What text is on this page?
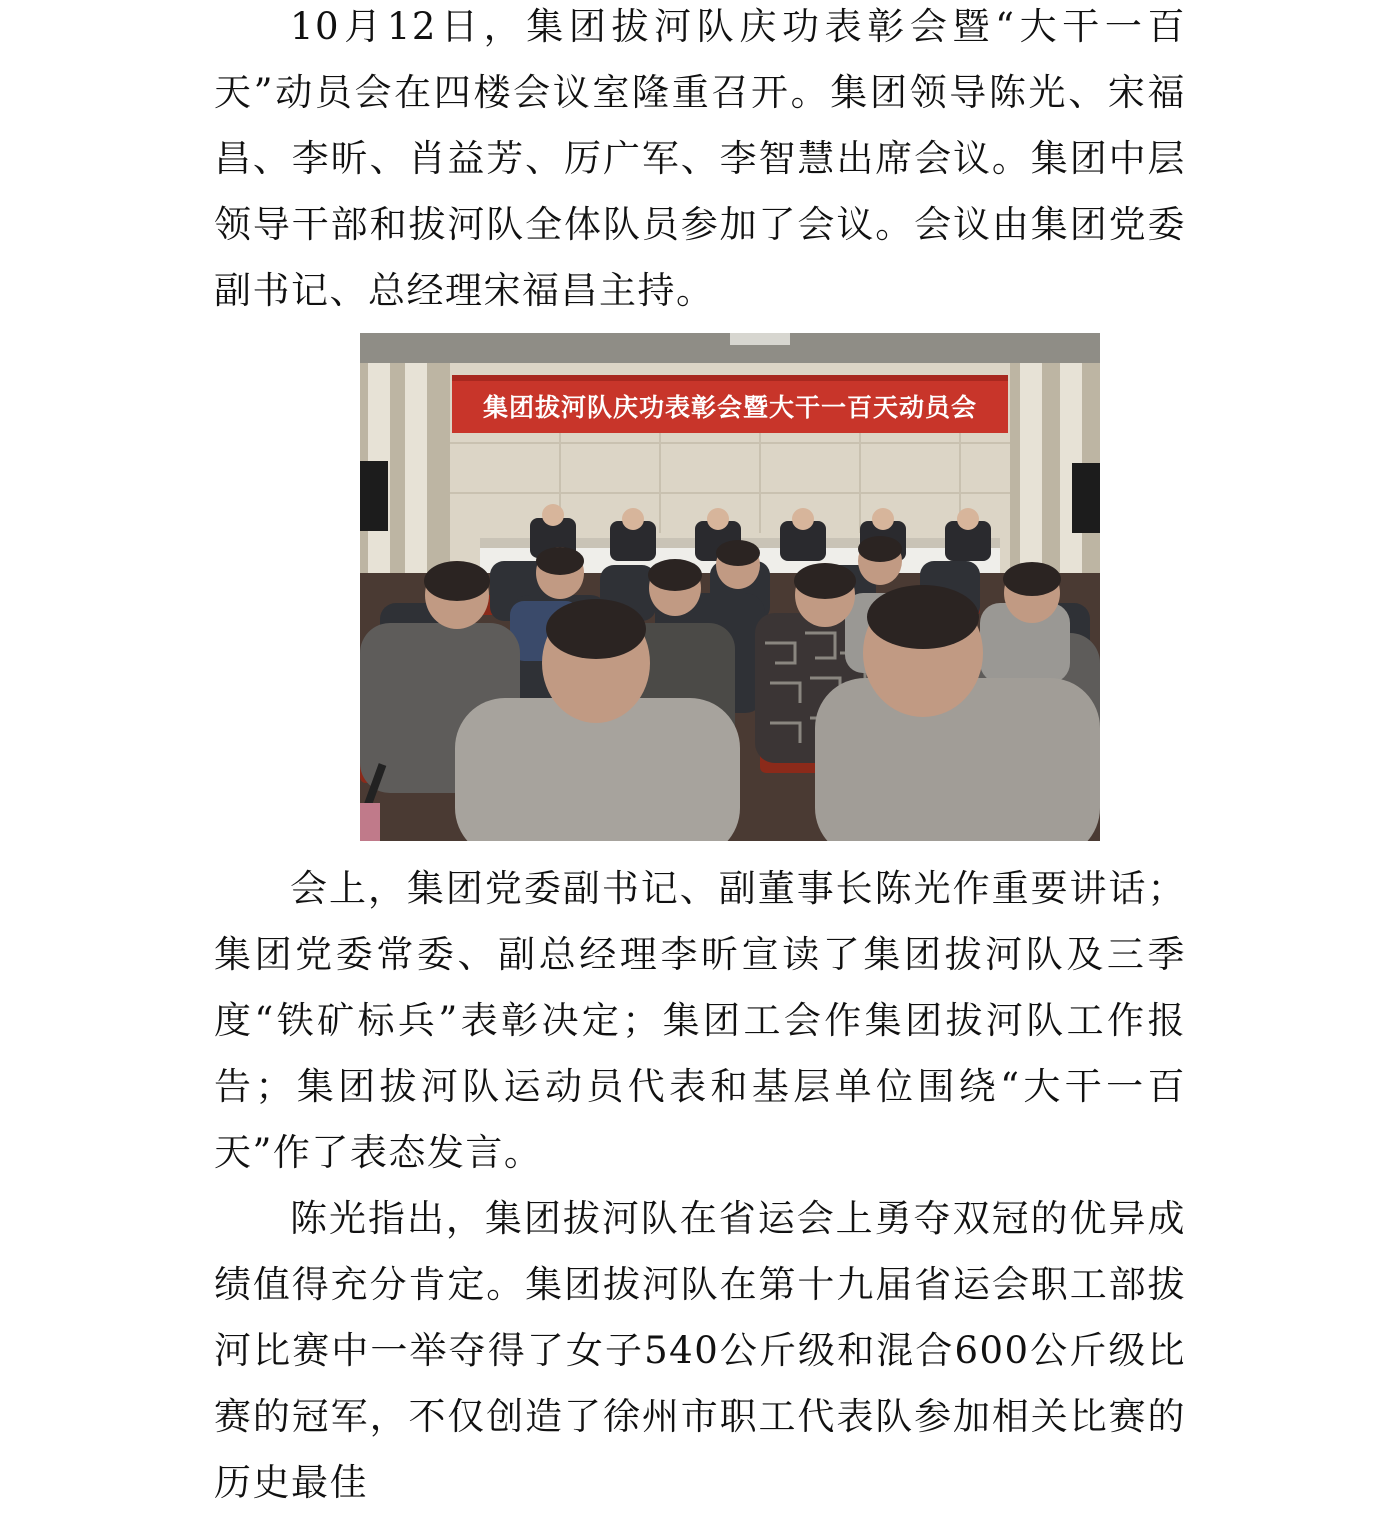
10月12日，集团拔河队庆功表彰会暨“大干一百天”动员会在四楼会议室隆重召开。集团领导陈光、宋福昌、李昕、肖益芳、厉广军、李智慧出席会议。集团中层领导干部和拔河队全体队员参加了会议。会议由集团党委副书记、总经理宋福昌主持。

集团拔河队庆功表彰会暨大干一百天动员会

会上，集团党委副书记、副董事长陈光作重要讲话；集团党委常委、副总经理李昕宣读了集团拔河队及三季度“铁矿标兵”表彰决定；集团工会作集团拔河队工作报告；集团拔河队运动员代表和基层单位围绕“大干一百天”作了表态发言。

陈光指出，集团拔河队在省运会上勇夺双冠的优异成绩值得充分肯定。集团拔河队在第十九届省运会职工部拔河比赛中一举夺得了女子540公斤级和混合600公斤级比赛的冠军，不仅创造了徐州市职工代表队参加相关比赛的历史最佳
